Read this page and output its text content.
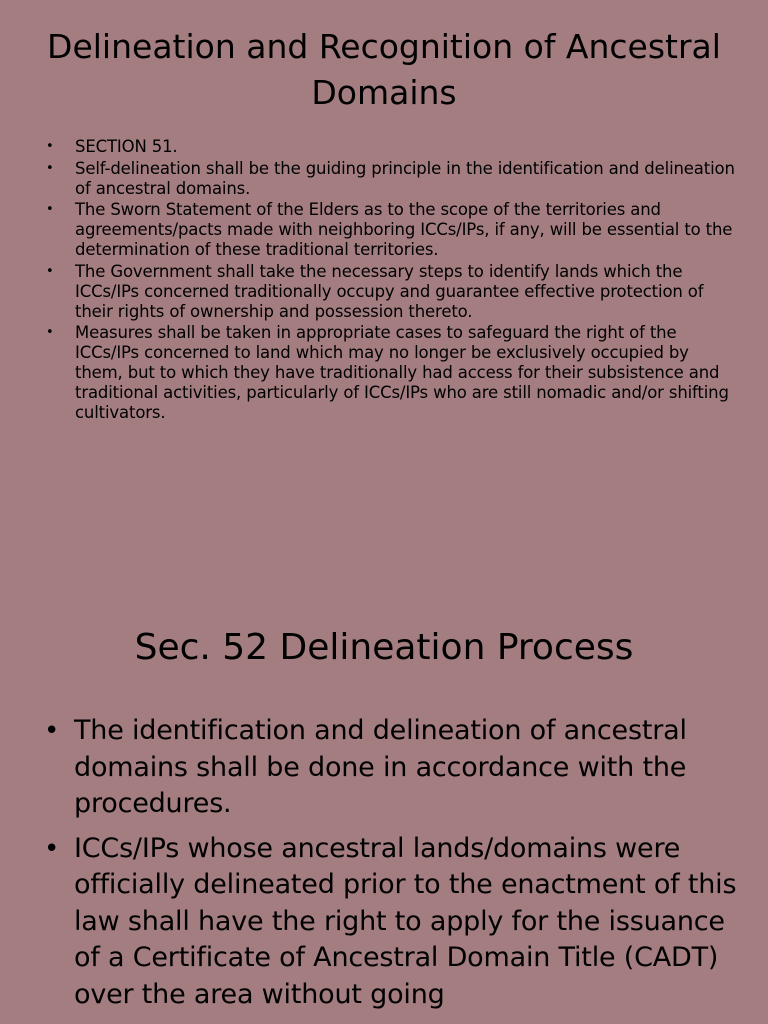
Delineation and Recognition of Ancestral Domains
• SECTION 51.
• Self-delineation shall be the guiding principle in the identification and delineation of ancestral domains.
• The Sworn Statement of the Elders as to the scope of the territories and agreements/pacts made with neighboring ICCs/IPs, if any, will be essential to the determination of these traditional territories.
• The Government shall take the necessary steps to identify lands which the ICCs/IPs concerned traditionally occupy and guarantee effective protection of their rights of ownership and possession thereto.
• Measures shall be taken in appropriate cases to safeguard the right of the ICCs/IPs concerned to land which may no longer be exclusively occupied by them, but to which they have traditionally had access for their subsistence and traditional activities, particularly of ICCs/IPs who are still nomadic and/or shifting cultivators.
Sec. 52 Delineation Process
• The identification and delineation of ancestral domains shall be done in accordance with the procedures.
• ICCs/IPs whose ancestral lands/domains were officially delineated prior to the enactment of this law shall have the right to apply for the issuance of a Certificate of Ancestral Domain Title (CADT) over the area without going
